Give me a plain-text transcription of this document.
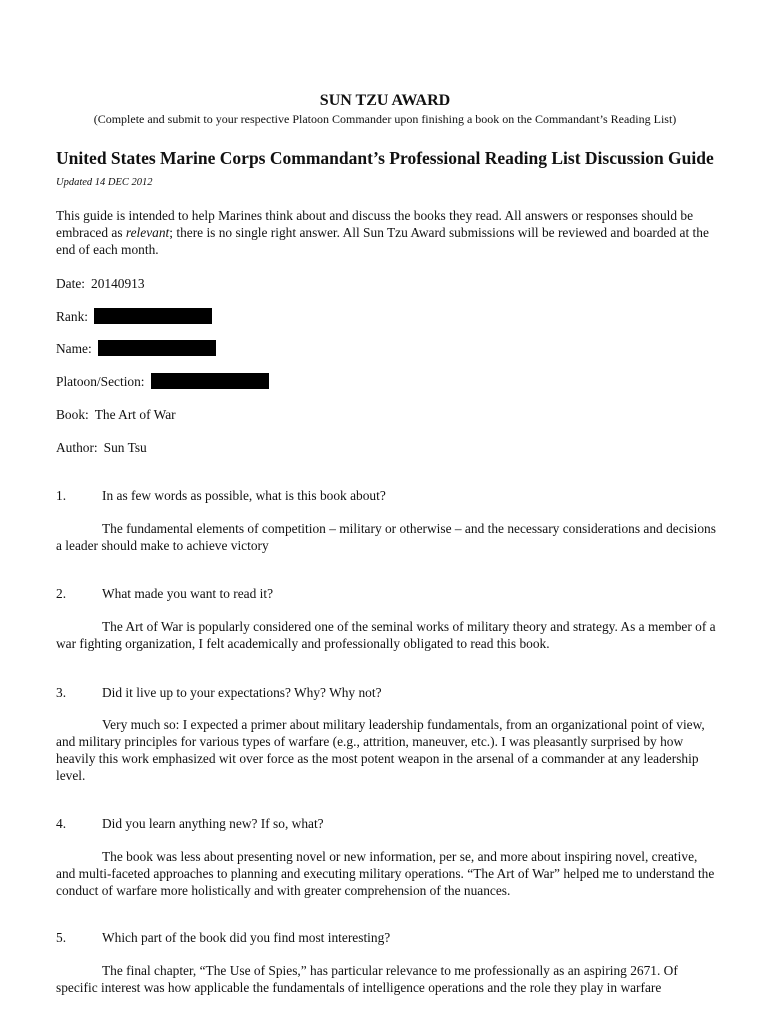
SUN TZU AWARD
(Complete and submit to your respective Platoon Commander upon finishing a book on the Commandant’s Reading List)
United States Marine Corps Commandant’s Professional Reading List Discussion Guide Updated 14 DEC 2012
This guide is intended to help Marines think about and discuss the books they read. All answers or responses should be embraced as relevant; there is no single right answer. All Sun Tzu Award submissions will be reviewed and boarded at the end of each month.
Date: 20140913
Rank:
Name:
Platoon/Section:
Book: The Art of War
Author: Sun Tsu
1.	In as few words as possible, what is this book about?
The fundamental elements of competition – military or otherwise – and the necessary considerations and decisions a leader should make to achieve victory
2.	What made you want to read it?
The Art of War is popularly considered one of the seminal works of military theory and strategy. As a member of a war fighting organization, I felt academically and professionally obligated to read this book.
3.	Did it live up to your expectations? Why? Why not?
Very much so: I expected a primer about military leadership fundamentals, from an organizational point of view, and military principles for various types of warfare (e.g., attrition, maneuver, etc.). I was pleasantly surprised by how heavily this work emphasized wit over force as the most potent weapon in the arsenal of a commander at any leadership level.
4.	Did you learn anything new? If so, what?
The book was less about presenting novel or new information, per se, and more about inspiring novel, creative, and multi-faceted approaches to planning and executing military operations. “The Art of War” helped me to understand the conduct of warfare more holistically and with greater comprehension of the nuances.
5.	Which part of the book did you find most interesting?
The final chapter, “The Use of Spies,” has particular relevance to me professionally as an aspiring 2671. Of specific interest was how applicable the fundamentals of intelligence operations and the role they play in warfare
